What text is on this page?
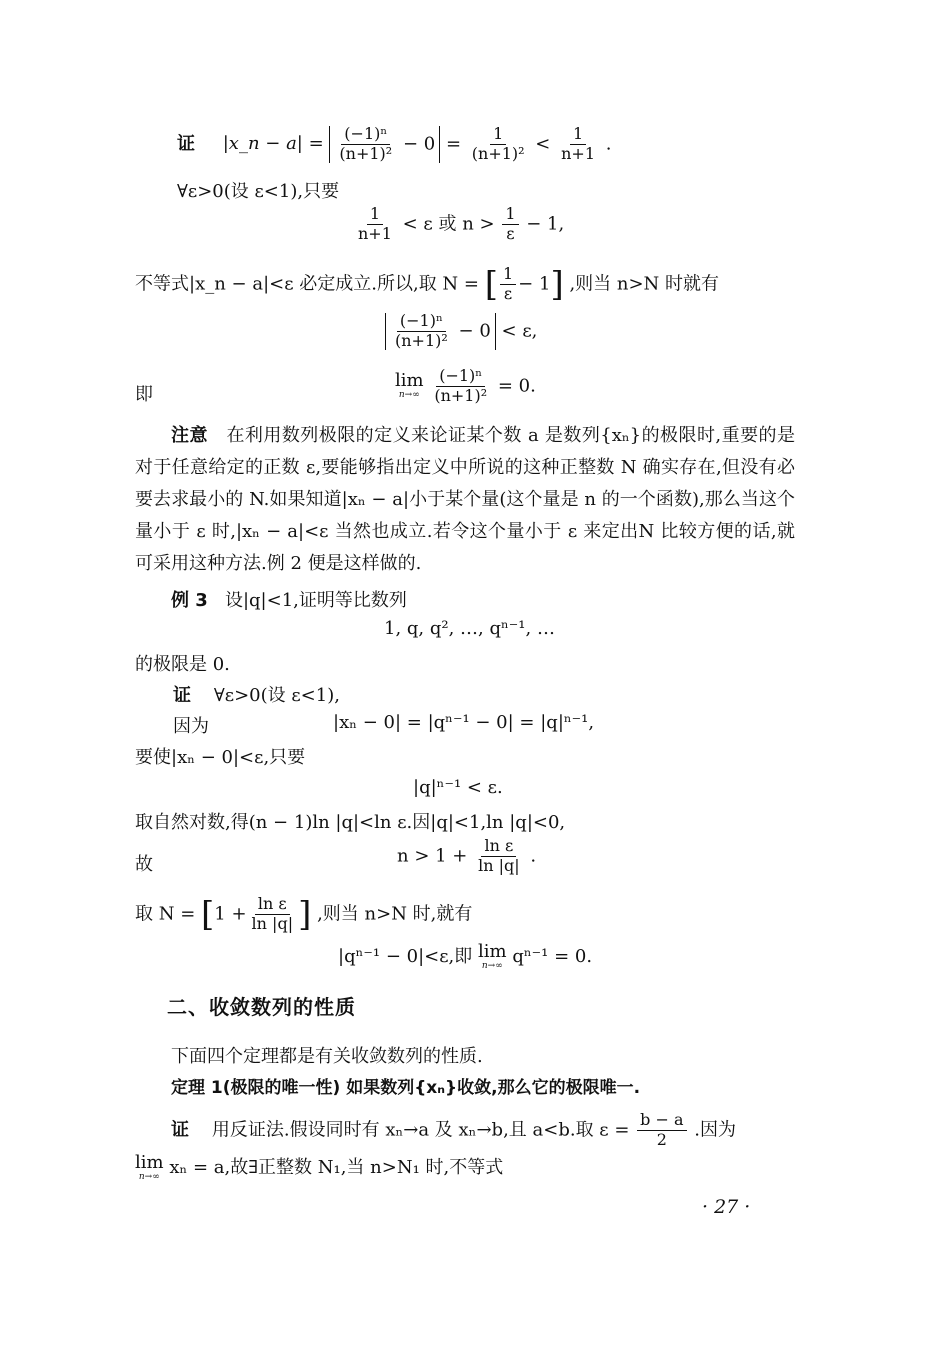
证 |x_n − $a| = \frac{\text{(−1)ⁿ}}{\text{(n+1)²}} - 0 = \frac{1}{\text{(n+1)²}} < \frac{1}{n+1}$ .
∀ε>0(设 ε<1),只要
$\frac{1}{n+1} < \varepsilon$ 或 $n > \frac{1}{\varepsilon} - 1$,
不等式|x_n − a|<ε 必定成立.所以,取 N = [ $\frac{1}{\varepsilon} - 1$] ,则当 n>N 时就有
$\frac{\text{(−1)ⁿ}}{\text{(n+1)²}} - 0 < \varepsilon$,
即
lim
n→∞
$\frac{\text{(−1)ⁿ}}{\text{(n+1)²}} = 0$.
注意 在利用数列极限的定义来论证某个数 a 是数列{xₙ}的极限时,重要的是对于任意给定的正数 ε,要能够指出定义中所说的这种正整数 N 确实存在,但没有必要去求最小的 N.如果知道|xₙ − a|小于某个量(这个量是 n 的一个函数),那么当这个量小于 ε 时,|xₙ − a|<ε 当然也成立.若令这个量小于 ε 来定出N 比较方便的话,就可采用这种方法.例 2 便是这样做的.
例 3 设|q|<1,证明等比数列
1, q, q², …, qⁿ⁻¹, …
的极限是 0.
证 ∀ε>0(设 ε<1),
因为	|xₙ − 0| = |qⁿ⁻¹ − 0| = |q|ⁿ⁻¹,
要使|xₙ − 0|<ε,只要
|q|ⁿ⁻¹ < ε.
取自然对数,得(n − 1)ln |q|<ln ε.因|q|<1,ln |q|<0,
故	$n > 1 + \frac{\text{ln ε}}{\ln |q|}$ .
取 $N = [1 + \frac{\text{ln ε}}{\ln |q|}$ ] ,则当 n>N 时,就有
|qⁿ⁻¹ − 0|<ε,即 lim
n→∞ qⁿ⁻¹ = 0.
二、收敛数列的性质
下面四个定理都是有关收敛数列的性质.
定理 1(极限的唯一性) 如果数列{xₙ}收敛,那么它的极限唯一.
证 用反证法.假设同时有 xₙ→a 及 xₙ→b,且 a<b.取 $\varepsilon = \frac{b - a}{2}$ .因为
lim
n→∞ xₙ = a,故∃正整数 N₁,当 n>N₁ 时,不等式
· 27 ·
